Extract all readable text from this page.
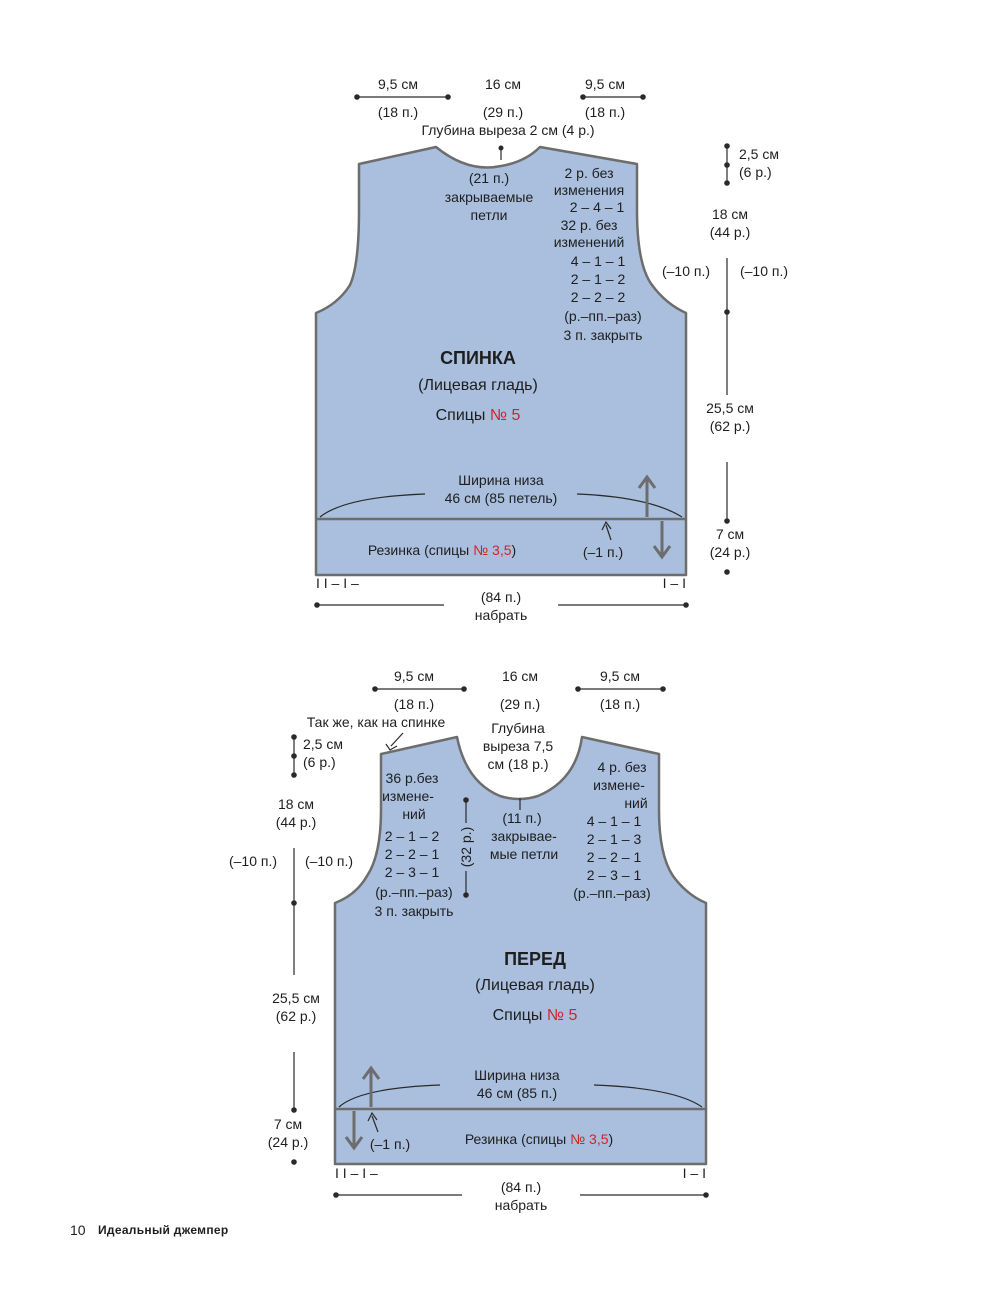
9,5 см
(18 п.)
16 см
(29 п.)
9,5 см
(18 п.)
Глубина выреза 2 см (4 р.)
(21 п.)
закрываемые
петли
2 р. без
изменения
2 – 4 – 1
32 р. без
изменений
4 – 1 – 1
2 – 1 – 2
2 – 2 – 2
(р.–пп.–раз)
3 п. закрыть
СПИНКА
(Лицевая гладь)
Спицы № 5
Ширина низа
46 см (85 петель)
Резинка (спицы № 3,5)	(–1 п.)
(–10 п.) (–10 п.)
2,5 см
(6 р.)
18 см
(44 р.)
25,5 см
(62 р.)
7 см
(24 р.)
I I – I –	I – I
(84 п.)
набрать
9,5 см
(18 п.)
16 см
(29 п.)
9,5 см
(18 п.)
Так же, как на спинке	Глубина
выреза 7,5
см (18 р.)
36 р.без
измене-
ний
2 – 1 – 2
2 – 2 – 1
2 – 3 – 1
(р.–пп.–раз)
3 п. закрыть
(32 р.)
(11 п.)
закрывае-
мые петли
4 р. без
измене-
ний
4 – 1 – 1
2 – 1 – 3
2 – 2 – 1
2 – 3 – 1
(р.–пп.–раз)
ПЕРЕД
(Лицевая гладь)
Спицы № 5
Ширина низа
46 см (85 п.)
(–1 п.)	Резинка (спицы № 3,5)
(–10 п.) (–10 п.)
2,5 см
(6 р.)
18 см
(44 р.)
25,5 см
(62 р.)
7 см
(24 р.)
I I – I –	I – I
(84 п.)
набрать
10 Идеальный джемпер
